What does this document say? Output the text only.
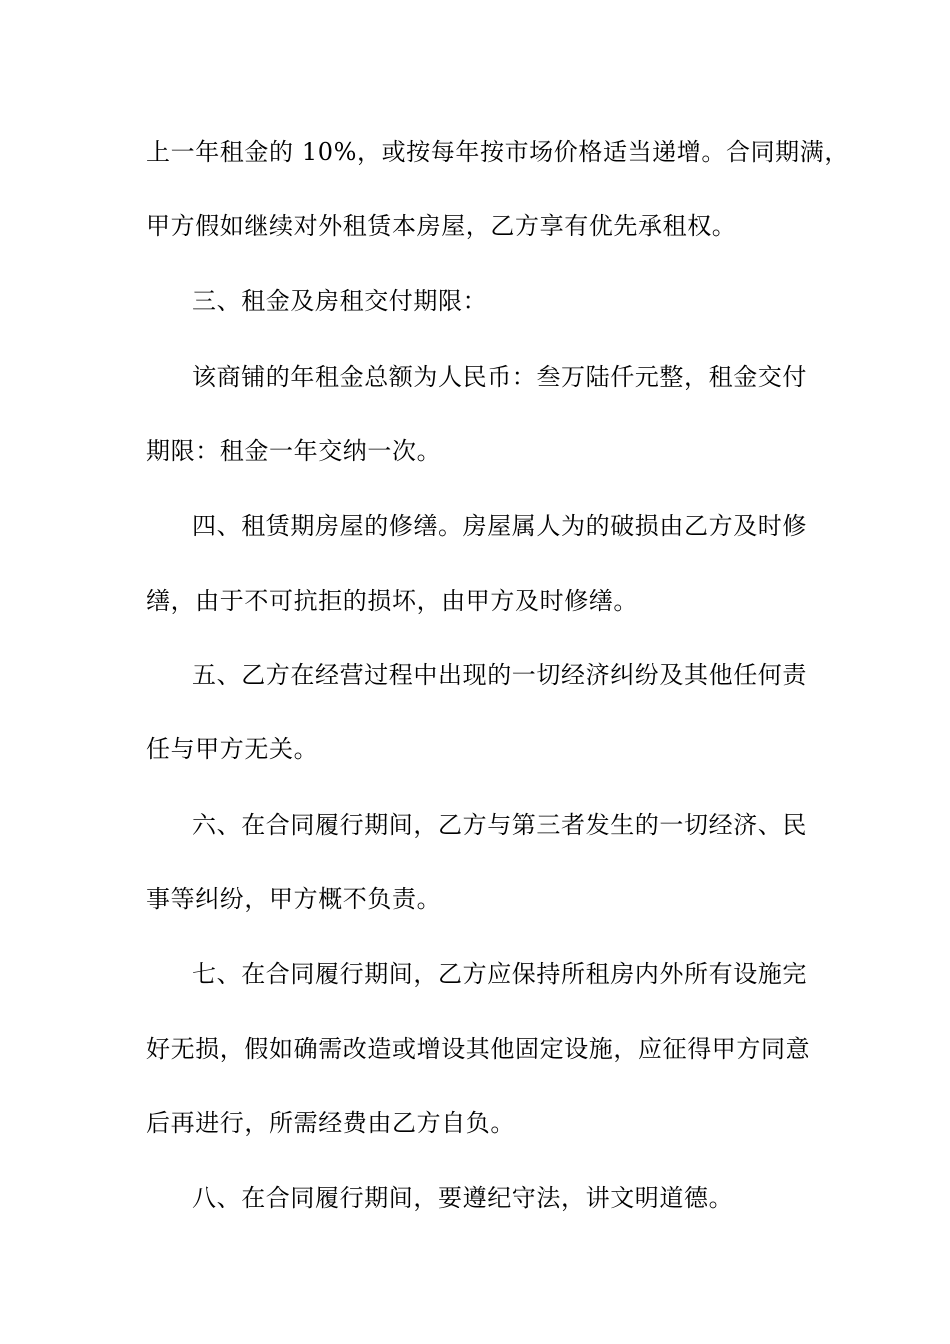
上一年租金的 10%，或按每年按市场价格适当递增。合同期满，
甲方假如继续对外租赁本房屋，乙方享有优先承租权。
三、租金及房租交付期限：
该商铺的年租金总额为人民币：叁万陆仟元整，租金交付
期限：租金一年交纳一次。
四、租赁期房屋的修缮。房屋属人为的破损由乙方及时修
缮，由于不可抗拒的损坏，由甲方及时修缮。
五、乙方在经营过程中出现的一切经济纠纷及其他任何责
任与甲方无关。
六、在合同履行期间，乙方与第三者发生的一切经济、民
事等纠纷，甲方概不负责。
七、在合同履行期间，乙方应保持所租房内外所有设施完
好无损，假如确需改造或增设其他固定设施，应征得甲方同意
后再进行，所需经费由乙方自负。
八、在合同履行期间，要遵纪守法，讲文明道德。
